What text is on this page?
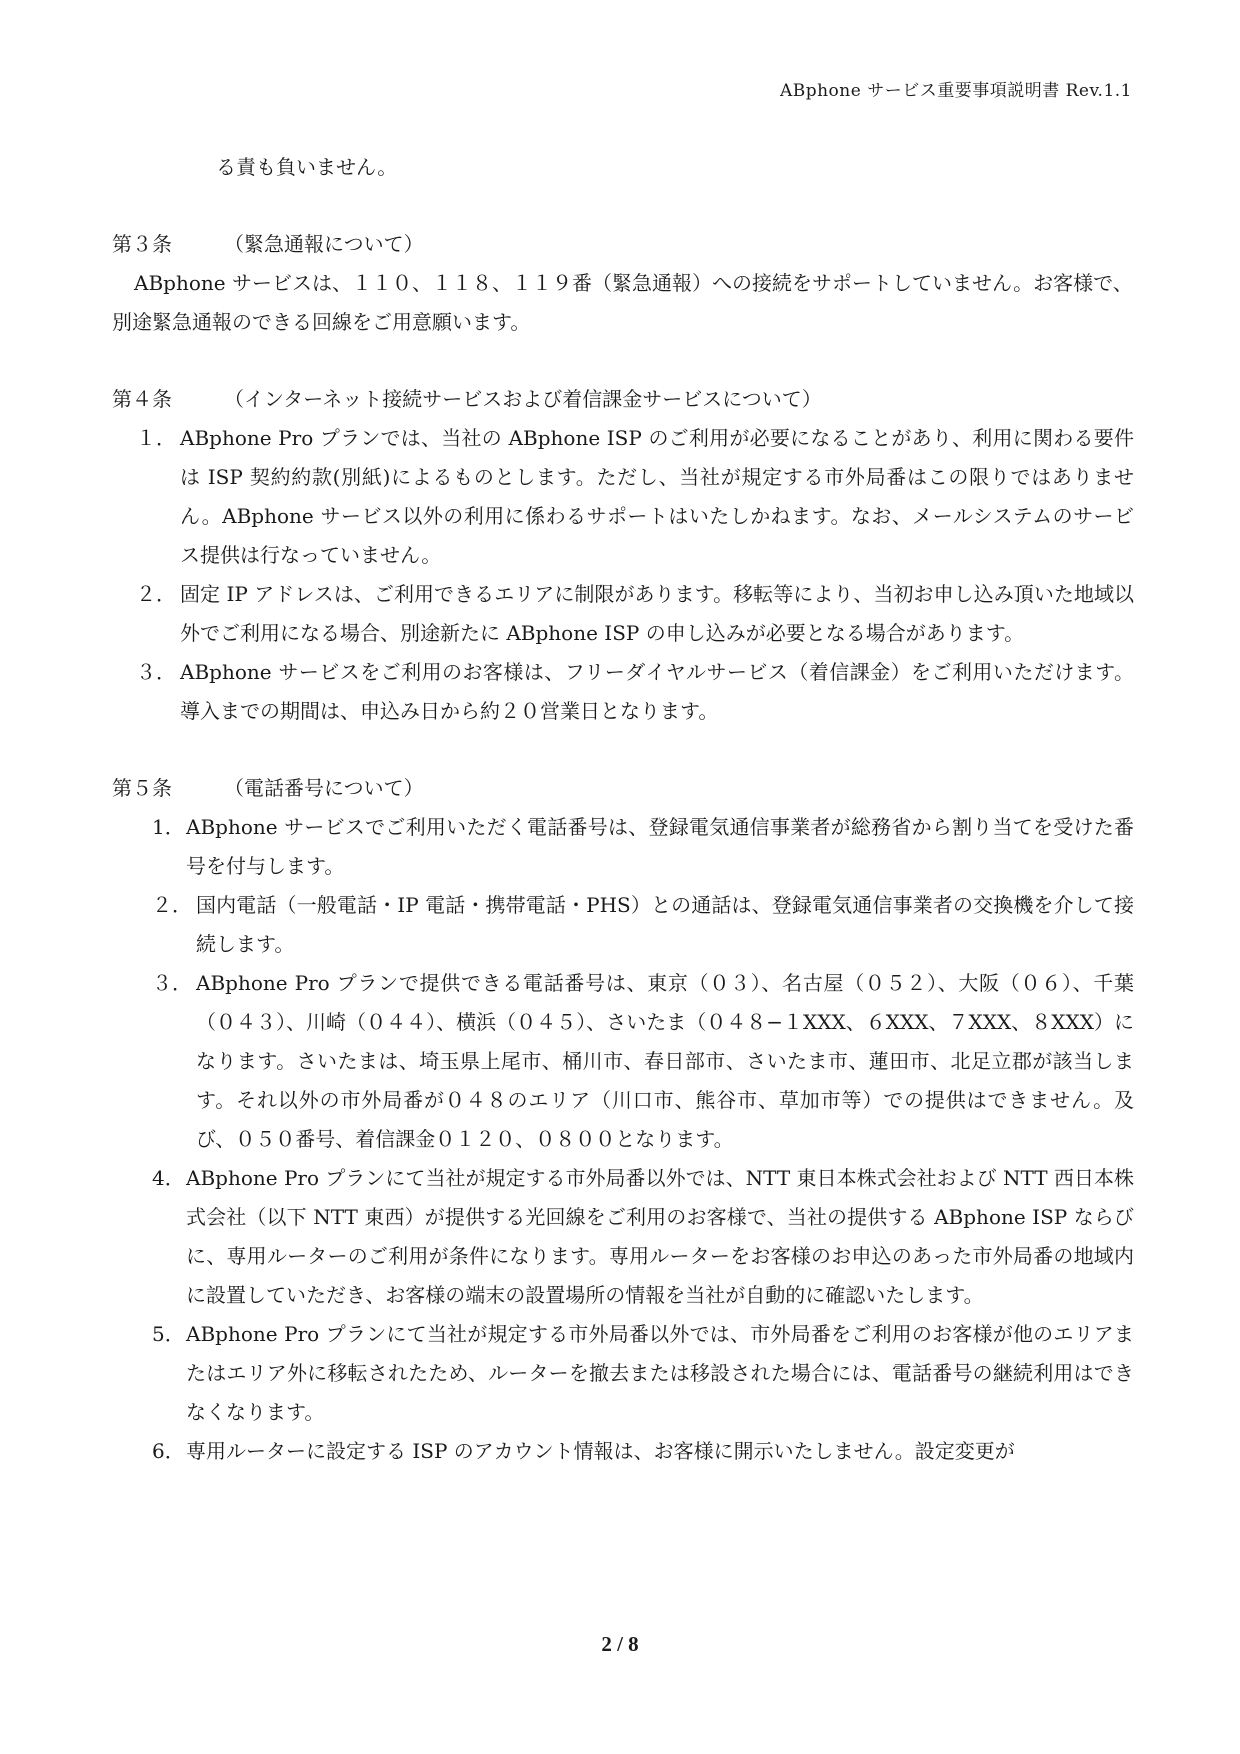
ABphone サービス重要事項説明書 Rev.1.1
る責も負いません。
第３条	（緊急通報について）
ABphone サービスは、１１０、１１８、１１９番（緊急通報）への接続をサポートしていません。お客様で、別途緊急通報のできる回線をご用意願います。
第４条	（インターネット接続サービスおよび着信課金サービスについて）
１． ABphone Pro プランでは、当社の ABphone ISP のご利用が必要になることがあり、利用に関わる要件は ISP 契約約款(別紙)によるものとします。ただし、当社が規定する市外局番はこの限りではありません。ABphone サービス以外の利用に係わるサポートはいたしかねます。なお、メールシステムのサービス提供は行なっていません。
２． 固定 IP アドレスは、ご利用できるエリアに制限があります。移転等により、当初お申し込み頂いた地域以外でご利用になる場合、別途新たに ABphone ISP の申し込みが必要となる場合があります。
３． ABphone サービスをご利用のお客様は、フリーダイヤルサービス（着信課金）をご利用いただけます。導入までの期間は、申込み日から約２０営業日となります。
第５条	（電話番号について）
1． ABphone サービスでご利用いただく電話番号は、登録電気通信事業者が総務省から割り当てを受けた番号を付与します。
２． 国内電話（一般電話・IP 電話・携帯電話・PHS）との通話は、登録電気通信事業者の交換機を介して接続します。
３． ABphone Pro プランで提供できる電話番号は、東京（０３）、名古屋（０５２）、大阪（０６）、千葉（０４３）、川崎（０４４）、横浜（０４５）、さいたま（０４８−１XXX、６XXX、７XXX、８XXX）になります。さいたまは、埼玉県上尾市、桶川市、春日部市、さいたま市、蓮田市、北足立郡が該当します。それ以外の市外局番が０４８のエリア（川口市、熊谷市、草加市等）での提供はできません。及び、０５０番号、着信課金０１２０、０８００となります。
4． ABphone Pro プランにて当社が規定する市外局番以外では、NTT 東日本株式会社および NTT 西日本株式会社（以下 NTT 東西）が提供する光回線をご利用のお客様で、当社の提供する ABphone ISP ならびに、専用ルーターのご利用が条件になります。専用ルーターをお客様のお申込のあった市外局番の地域内に設置していただき、お客様の端末の設置場所の情報を当社が自動的に確認いたします。
5． ABphone Pro プランにて当社が規定する市外局番以外では、市外局番をご利用のお客様が他のエリアまたはエリア外に移転されたため、ルーターを撤去または移設された場合には、電話番号の継続利用はできなくなります。
6． 専用ルーターに設定する ISP のアカウント情報は、お客様に開示いたしません。設定変更が
2 / 8
